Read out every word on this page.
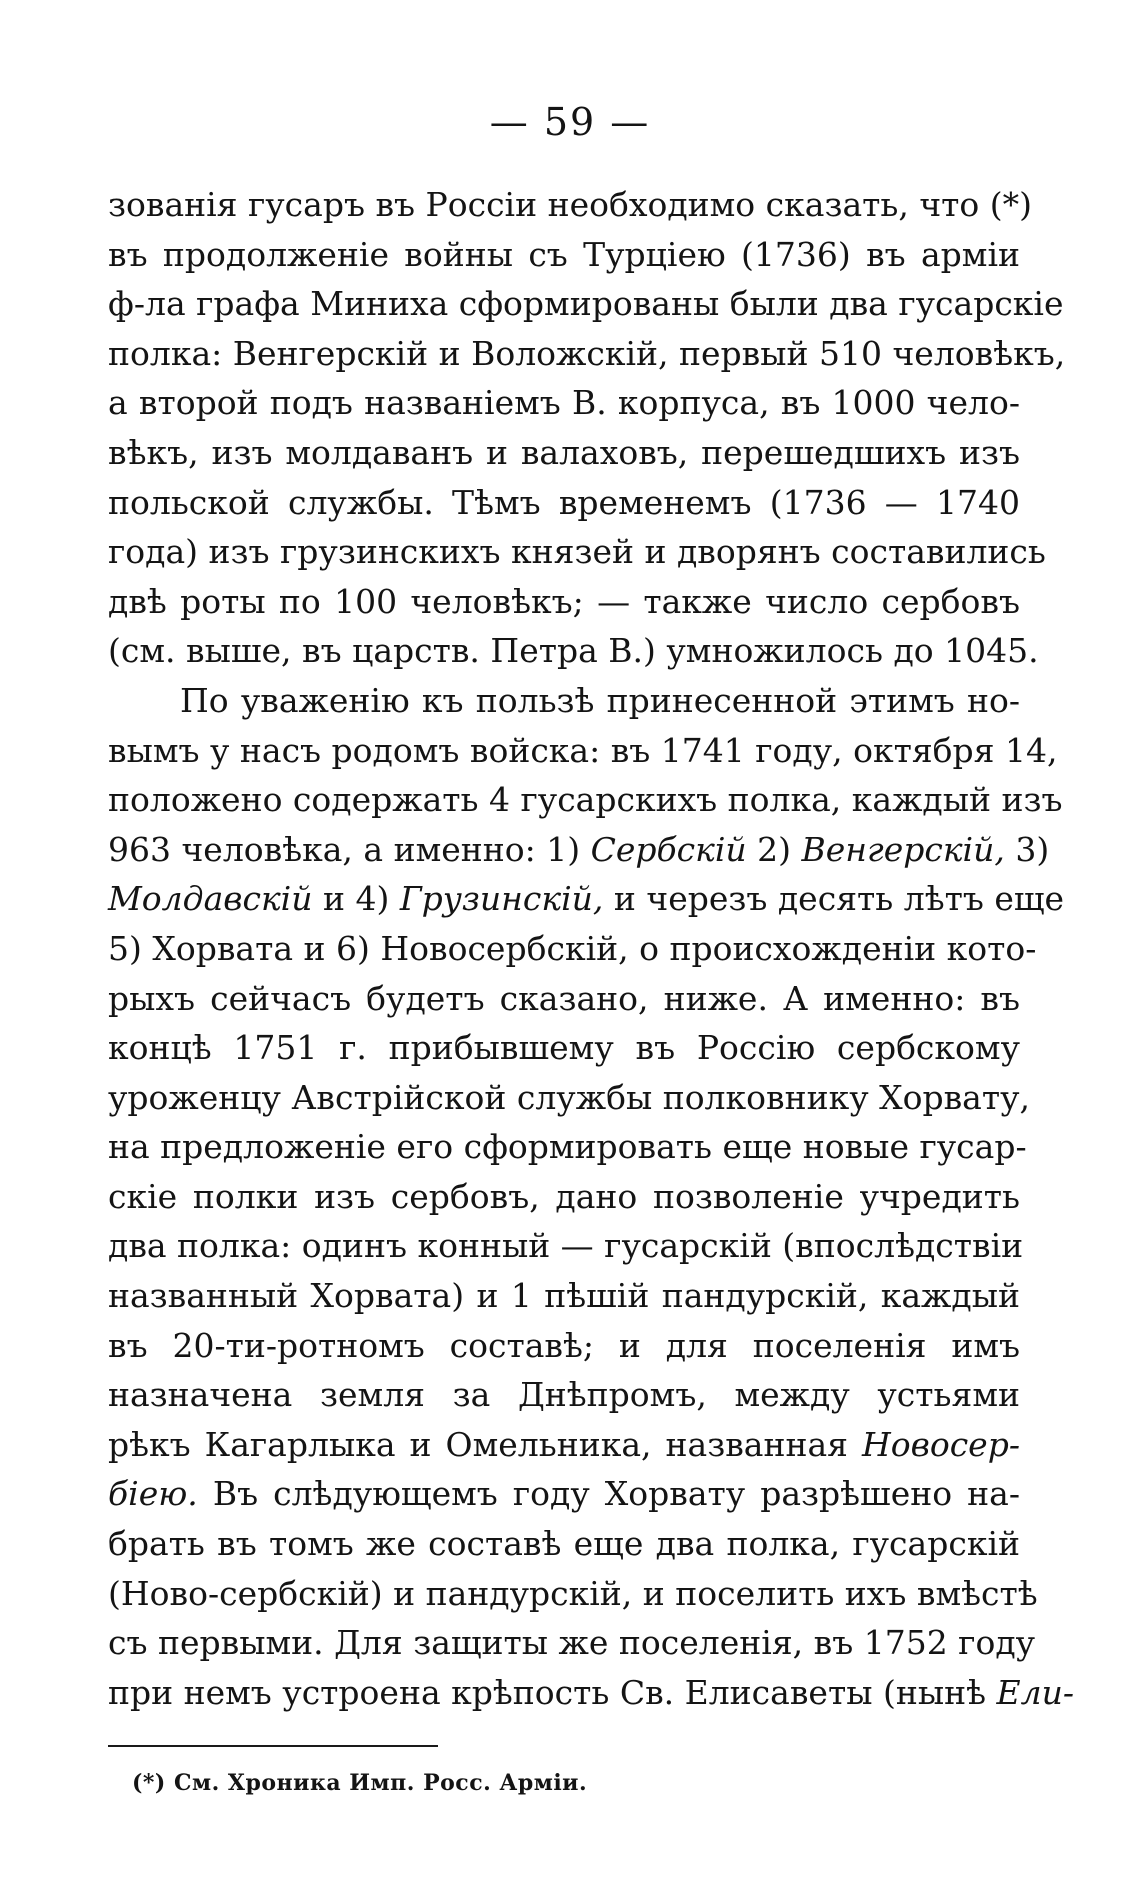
— 59 —
зованія гусаръ въ Россіи необходимо сказать, что (*)
въ продолженіе войны съ Турціею (1736) въ арміи
ф-ла графа Миниха сформированы были два гусарскіе
полка: Венгерскій и Воложскій, первый 510 человѣкъ,
а второй подъ названіемъ В. корпуса, въ 1000 чело-
вѣкъ, изъ молдаванъ и валаховъ, перешедшихъ изъ
польской службы. Тѣмъ временемъ (1736 — 1740
года) изъ грузинскихъ князей и дворянъ составились
двѣ роты по 100 человѣкъ; — также число сербовъ
(см. выше, въ царств. Петра В.) умножилось до 1045.
По уваженію къ пользѣ принесенной этимъ но-
вымъ у насъ родомъ войска: въ 1741 году, октября 14,
положено содержать 4 гусарскихъ полка, каждый изъ
963 человѣка, а именно: 1) Сербскій 2) Венгерскій, 3)
Молдавскій и 4) Грузинскій, и черезъ десять лѣтъ еще
5) Хорвата и 6) Новосербскій, о происхожденіи кото-
рыхъ сейчасъ будетъ сказано, ниже. А именно: въ
концѣ 1751 г. прибывшему въ Россію сербскому
уроженцу Австрійской службы полковнику Хорвату,
на предложеніе его сформировать еще новые гусар-
скіе полки изъ сербовъ, дано позволеніе учредить
два полка: одинъ конный — гусарскій (впослѣдствіи
названный Хорвата) и 1 пѣшій пандурскій, каждый
въ 20-ти-ротномъ составѣ; и для поселенія имъ
назначена земля за Днѣпромъ, между устьями
рѣкъ Кагарлыка и Омельника, названная Новосер-
біею. Въ слѣдующемъ году Хорвату разрѣшено на-
брать въ томъ же составѣ еще два полка, гусарскій
(Ново-сербскій) и пандурскій, и поселить ихъ вмѣстѣ
съ первыми. Для защиты же поселенія, въ 1752 году
при немъ устроена крѣпость Св. Елисаветы (нынѣ Ели-
(*) См. Хроника Имп. Росс. Арміи.
